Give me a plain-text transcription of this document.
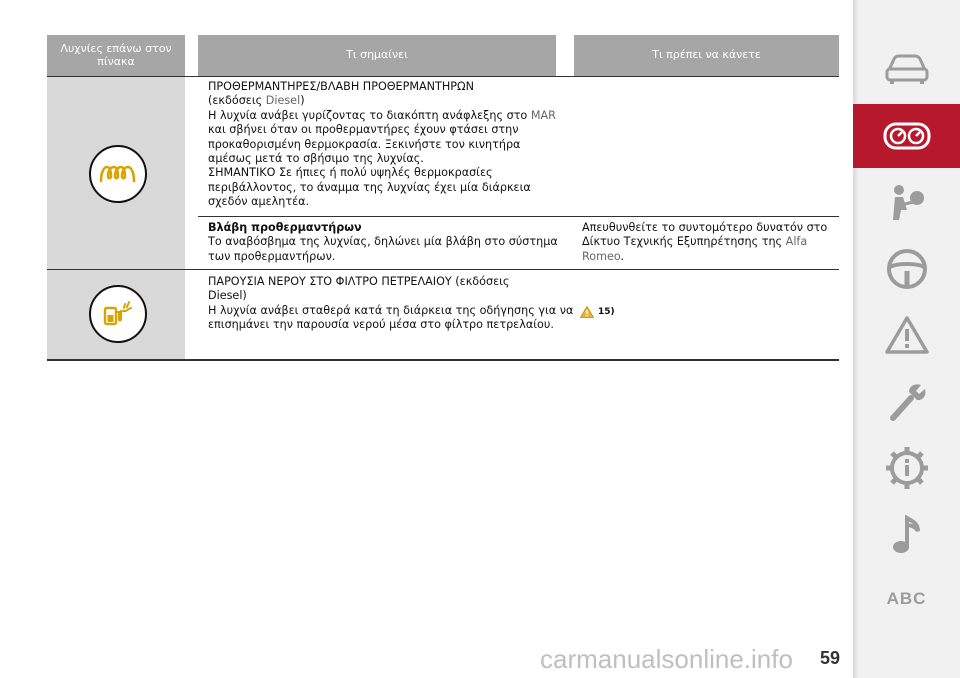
Λυχνίες επάνω στον πίνακα	Τι σημαίνει	Τι πρέπει να κάνετε
ΠΡΟΘΕΡΜΑΝΤΗΡΕΣ/ΒΛΑΒΗ ΠΡΟΘΕΡΜΑΝΤΗΡΩΝ
(εκδόσεις Diesel)
Η λυχνία ανάβει γυρίζοντας το διακόπτη ανάφλεξης στο MAR
και σβήνει όταν οι προθερμαντήρες έχουν φτάσει στην
προκαθορισμένη θερμοκρασία. Ξεκινήστε τον κινητήρα
αμέσως μετά το σβήσιμο της λυχνίας.
ΣΗΜΑΝΤΙΚΟ Σε ήπιες ή πολύ υψηλές θερμοκρασίες
περιβάλλοντος, το άναμμα της λυχνίας έχει μία διάρκεια
σχεδόν αμελητέα.
Βλάβη προθερμαντήρων
Το αναβόσβημα της λυχνίας, δηλώνει μία βλάβη στο σύστημα
των προθερμαντήρων.
Απευθυνθείτε το συντομότερο δυνατόν στο
Δίκτυο Τεχνικής Εξυπηρέτησης της Alfa
Romeo.
ΠΑΡΟΥΣΙΑ ΝΕΡΟΥ ΣΤΟ ΦΙΛΤΡΟ ΠΕΤΡΕΛΑΙΟΥ (εκδόσεις
Diesel)
Η λυχνία ανάβει σταθερά κατά τη διάρκεια της οδήγησης για να
επισημάνει την παρουσία νερού μέσα στο φίλτρο πετρελαίου.
15)
ABC
carmanualsonline.info 59
